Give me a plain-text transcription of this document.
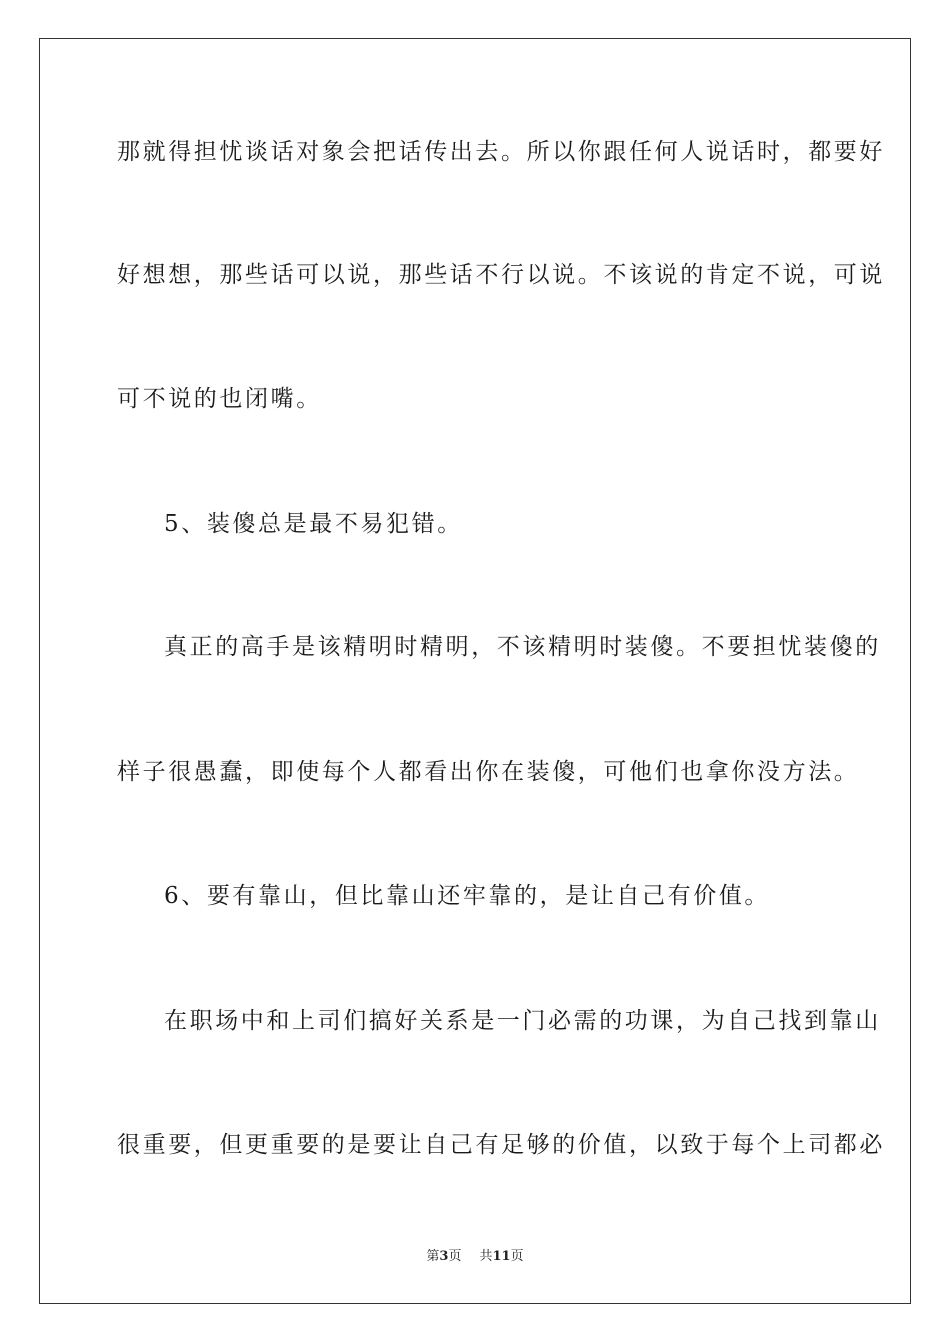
那就得担忧谈话对象会把话传出去。所以你跟任何人说话时，都要好
好想想，那些话可以说，那些话不行以说。不该说的肯定不说，可说
可不说的也闭嘴。
5、装傻总是最不易犯错。
真正的高手是该精明时精明，不该精明时装傻。不要担忧装傻的
样子很愚蠢，即使每个人都看出你在装傻，可他们也拿你没方法。
6、要有靠山，但比靠山还牢靠的，是让自己有价值。
在职场中和上司们搞好关系是一门必需的功课，为自己找到靠山
很重要，但更重要的是要让自己有足够的价值，以致于每个上司都必
第3页 共11页
